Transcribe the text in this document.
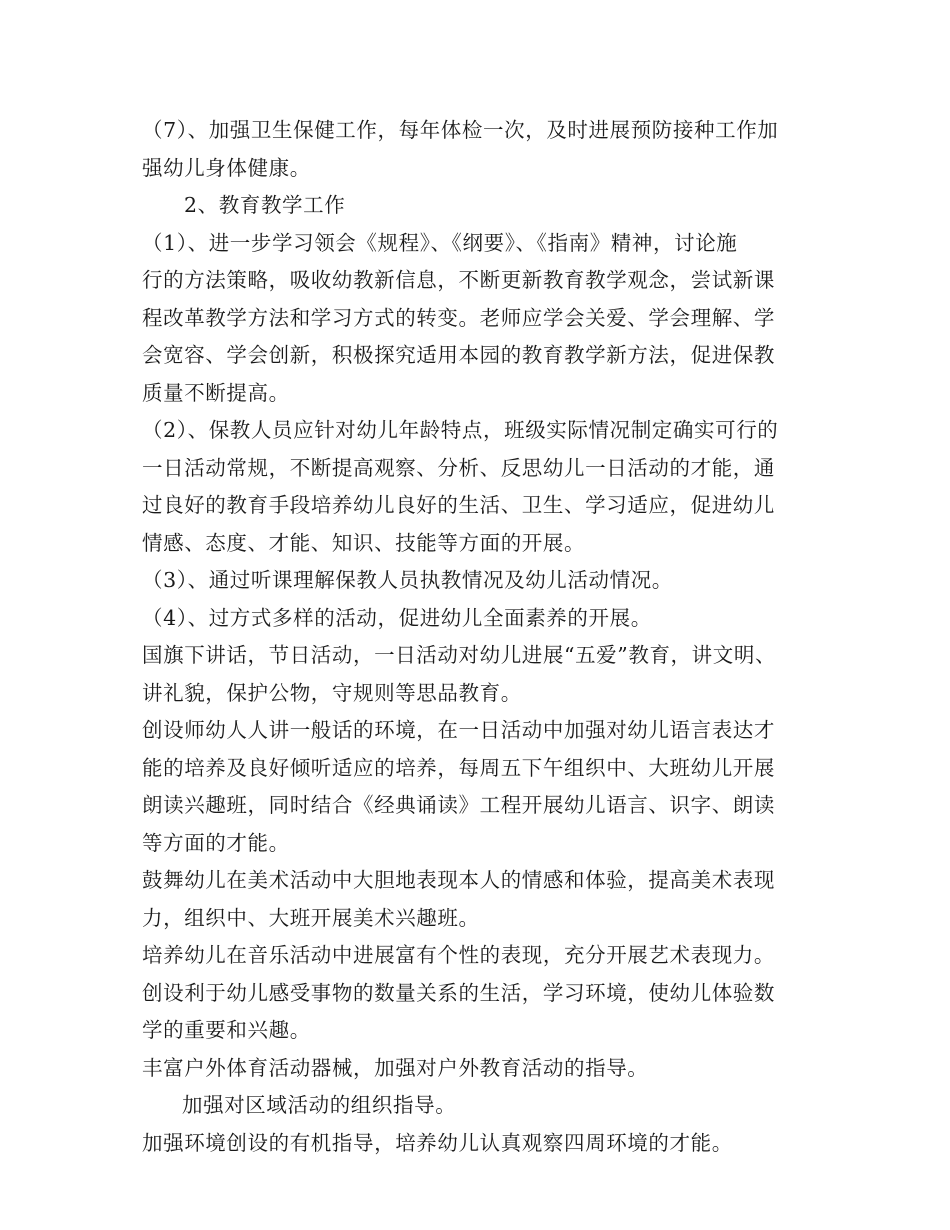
（7）、加强卫生保健工作，每年体检一次，及时进展预防接种工作加
强幼儿身体健康。
2、教育教学工作
（1）、进一步学习领会《规程》、《纲要》、《指南》精神，讨论施
行的方法策略，吸收幼教新信息，不断更新教育教学观念，尝试新课
程改革教学方法和学习方式的转变。老师应学会关爱、学会理解、学
会宽容、学会创新，积极探究适用本园的教育教学新方法，促进保教
质量不断提高。
（2）、保教人员应针对幼儿年龄特点，班级实际情况制定确实可行的
一日活动常规，不断提高观察、分析、反思幼儿一日活动的才能，通
过良好的教育手段培养幼儿良好的生活、卫生、学习适应，促进幼儿
情感、态度、才能、知识、技能等方面的开展。
（3）、通过听课理解保教人员执教情况及幼儿活动情况。
（4）、过方式多样的活动，促进幼儿全面素养的开展。
国旗下讲话，节日活动，一日活动对幼儿进展“五爱”教育，讲文明、
讲礼貌，保护公物，守规则等思品教育。
创设师幼人人讲一般话的环境，在一日活动中加强对幼儿语言表达才
能的培养及良好倾听适应的培养，每周五下午组织中、大班幼儿开展
朗读兴趣班，同时结合《经典诵读》工程开展幼儿语言、识字、朗读
等方面的才能。
鼓舞幼儿在美术活动中大胆地表现本人的情感和体验，提高美术表现
力，组织中、大班开展美术兴趣班。
培养幼儿在音乐活动中进展富有个性的表现，充分开展艺术表现力。
创设利于幼儿感受事物的数量关系的生活，学习环境，使幼儿体验数
学的重要和兴趣。
丰富户外体育活动器械，加强对户外教育活动的指导。
加强对区域活动的组织指导。
加强环境创设的有机指导，培养幼儿认真观察四周环境的才能。
